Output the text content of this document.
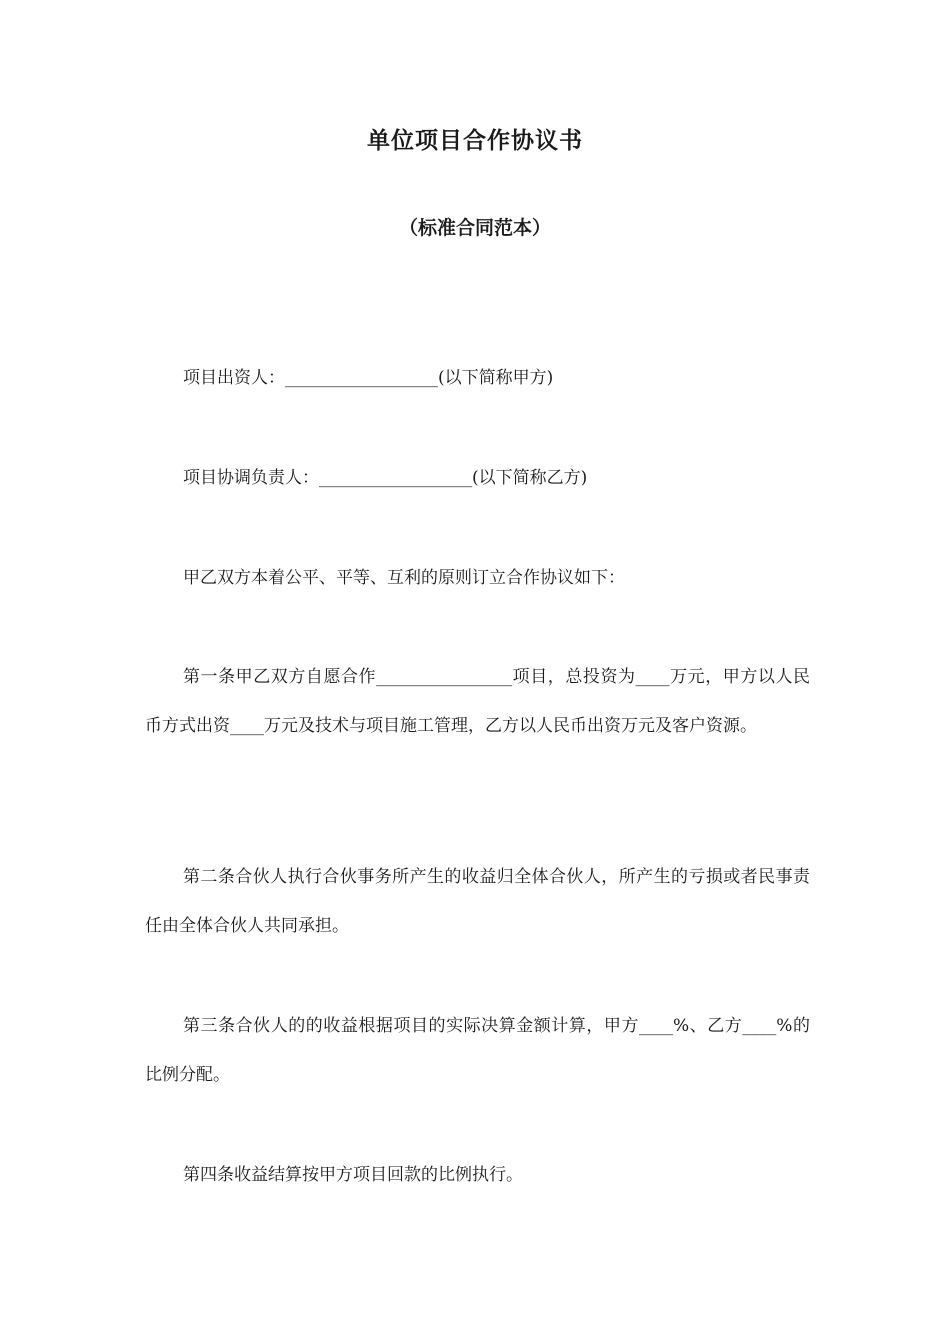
单位项目合作协议书
（标准合同范本）

项目出资人：__________________(以下简称甲方)

项目协调负责人：__________________(以下简称乙方)

甲乙双方本着公平、平等、互利的原则订立合作协议如下：

第一条甲乙双方自愿合作________________项目，总投资为____万元，甲方以人民币方式出资____万元及技术与项目施工管理，乙方以人民币出资万元及客户资源。

第二条合伙人执行合伙事务所产生的收益归全体合伙人，所产生的亏损或者民事责任由全体合伙人共同承担。

第三条合伙人的的收益根据项目的实际决算金额计算，甲方____%、乙方____%的比例分配。

第四条收益结算按甲方项目回款的比例执行。
